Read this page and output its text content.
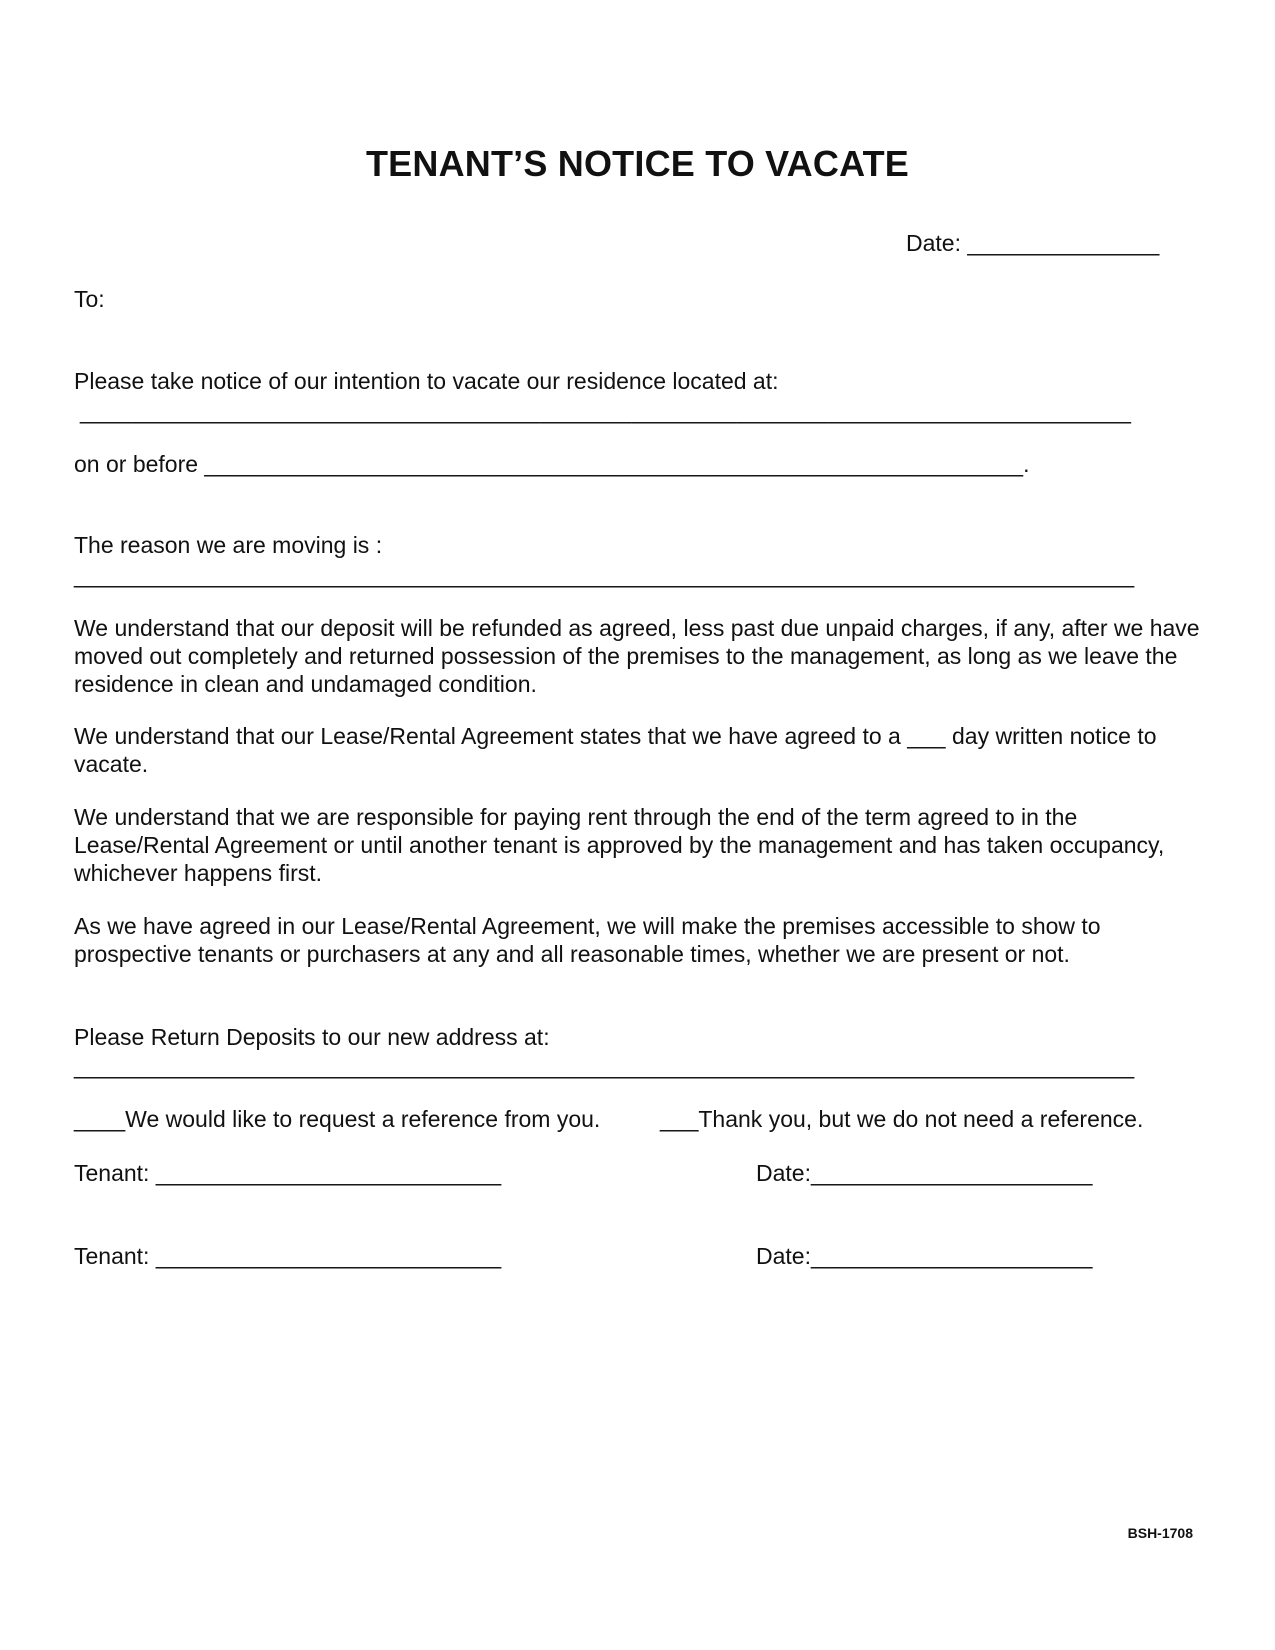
TENANT’S NOTICE TO VACATE
Date: _______________
To:
Please take notice of our intention to vacate our residence located at:
________________________________________________________________________________
on or before ________________________________________________________________.
The reason we are moving is :
_________________________________________________________________________________
We understand that our deposit will be refunded as agreed, less past due unpaid charges, if any, after we have moved out completely and returned possession of the premises to the management, as long as we leave the residence in clean and undamaged condition.
We understand that our Lease/Rental Agreement states that we have agreed to a ___ day written notice to vacate.
We understand that we are responsible for paying rent through the end of the term agreed to in the Lease/Rental Agreement or until another tenant is approved by the management and has taken occupancy, whichever happens first.
As we have agreed in our Lease/Rental Agreement, we will make the premises accessible to show to prospective tenants or purchasers at any and all reasonable times, whether we are present or not.
Please Return Deposits to our new address at:
_________________________________________________________________________________
____We would like to request a reference from you.	___Thank you, but we do not need a reference.
Tenant: ___________________________	Date:______________________
Tenant: ___________________________	Date:______________________
BSH-1708
